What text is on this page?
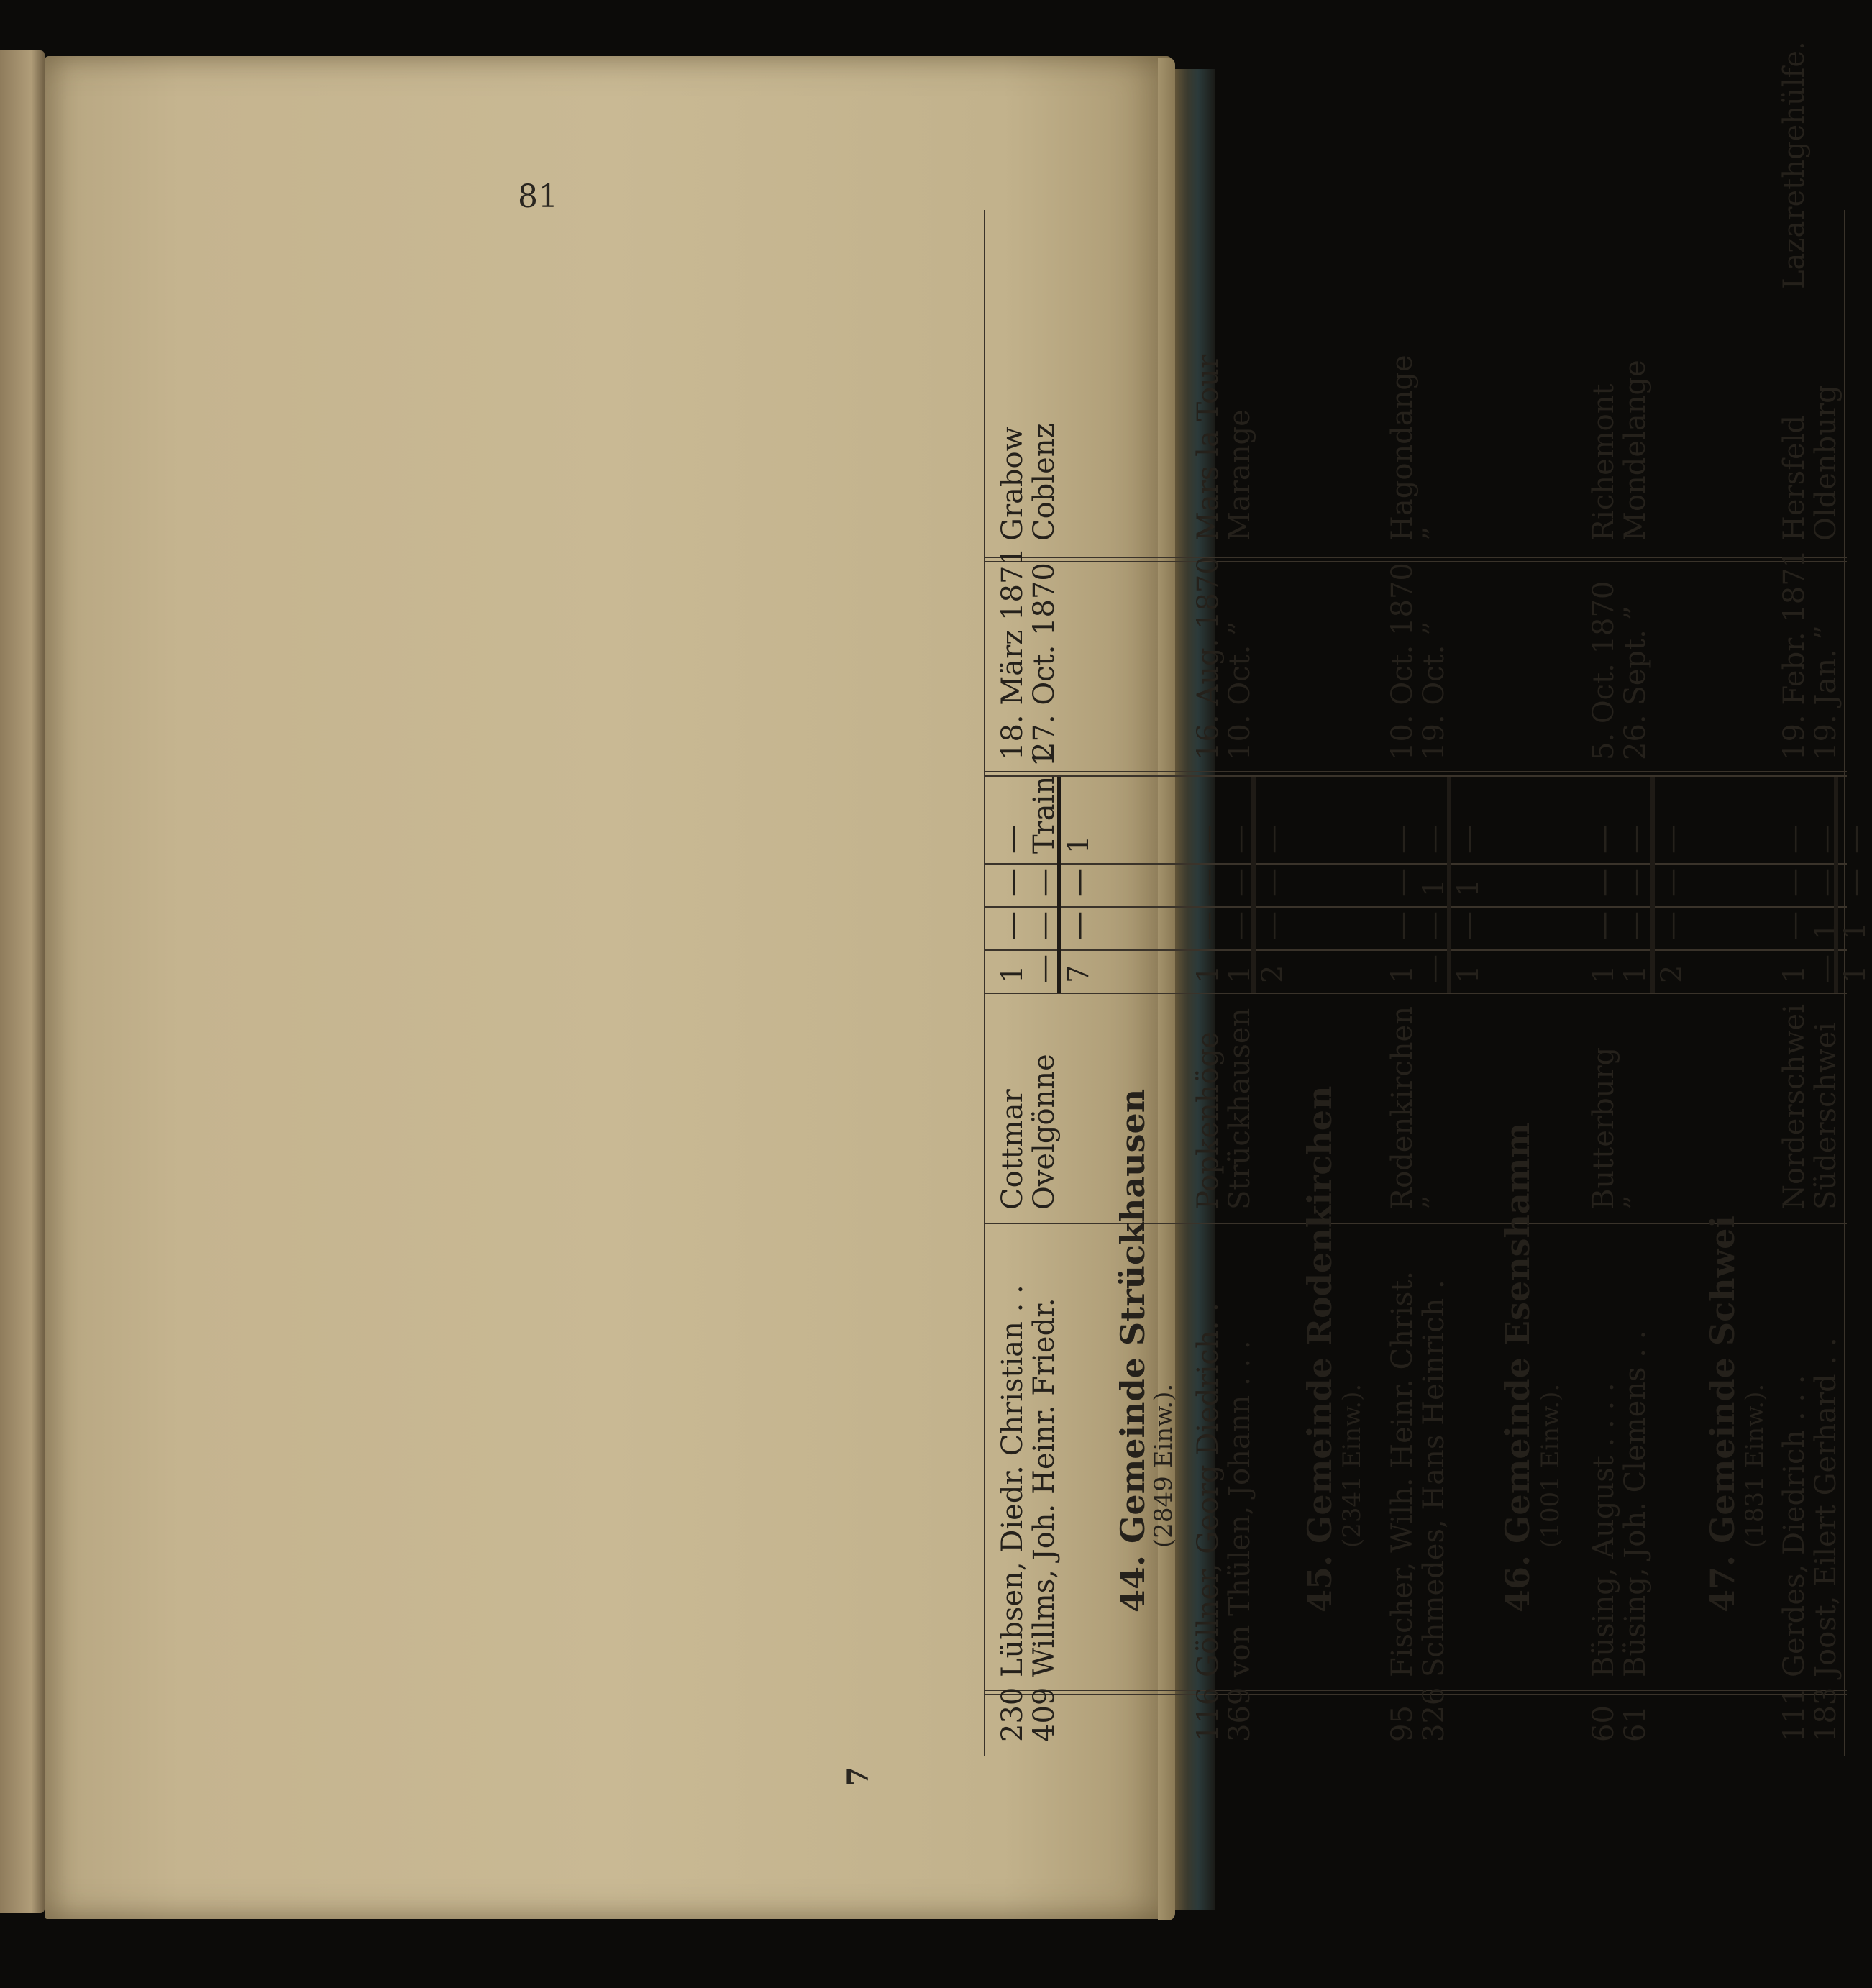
81
7
230
Lübsen, Diedr. Christian . .
Cottmar
1
—
—
—
18. März 1871
Grabow
409
Willms, Joh. Heinr. Friedr.
Ovelgönne
—
—
—
Train 1
27. Oct. 1870
Coblenz
7
—
—
1
44. Gemeinde Strückhausen
(2849 Einw.).
116
Göllner, Georg Diedrich. .
Popkenhöge
1
—
—
—
16. Aug. 1870
Mars la Tour
369
von Thülen, Johann . . .
Strückhausen
1
—
—
—
10. Oct. ”
Marange
2
—
—
—
45. Gemeinde Rodenkirchen
(2341 Einw.).
95
Fischer, Wilh. Heinr. Christ.
Rodenkirchen
1
—
—
—
10. Oct. 1870
Hagondange
326
Schmedes, Hans Heinrich .
”
—
—
1
—
19. Oct. ”
”
1
—
1
—
46. Gemeinde Esenshamm (1001 Einw.).
60
Büsing, August . . . .
Butterburg
1
—
—
—
5. Oct. 1870
Richemont
61
Büsing, Joh. Clemens . .
”
1
—
—
—
26. Sept. ”
Mondelange
2
—
—
—
47. Gemeinde Schwei
(1831 Einw.).
111
Gerdes, Diedrich . . .
Norderschwei
1
—
—
—
19. Febr. 1871
Hersfeld
Lazarethgehülfe.
183
Joost, Eilert Gerhard . .
Süderschwei
—
1
—
—
19. Jan. ”
Oldenburg
1
1
—
—
